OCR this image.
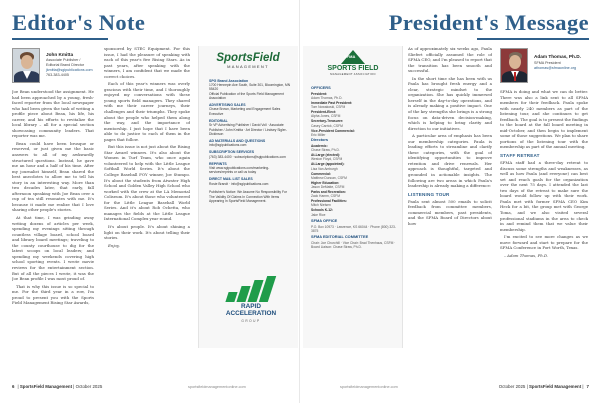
Editor's Note
John Kmitta
Associate Publisher /
Editorial Brand Director
jkmitta@sgipublications.com
763-383-4405

Joe Bean understood the assignment. He had been approached by a young, fresh-faced reporter from the local newspaper who had been given the task of writing a profile piece about Bean, his life, his career, and his efforts to revitalize the local library – all for a special section showcasing community leaders. That reporter was me.

Bean could have been brusque or reserved, or just given me the basic answers to all of my awkwardly structured questions. Instead, he gave me an hour and a half of his time. After my journalist himself, Bean shared the best anecdotes to allow me to tell his story in an interesting way. More than two decades later, that early, fall afternoon speaking with Joe Bean over a cup of tea still resonates with me. It's because it made me realize that I love sharing other people's stories.

At that time, I was grinding away writing dozens of articles per week, spending my evenings sitting through countless village board, school board and library board meetings; traveling to the county courthouse to dig for the latest scoops on local leaders; and spending my weekends covering high school sporting events. I wrote movie reviews for the entertainment section. But of all the pieces I wrote, it was the Joe Bean profile I was most proud of.

That is why this issue is so special to me. For the third year in a row, I'm proud to present you with the Sports Field Management Rising Star Awards,

sponsored by STEC Equipment. For this issue, I had the pleasure of speaking with each of this year's five Rising Stars. As in past years, after speaking with the winners, I am confident that we made the correct choices.

Each of this year's winners was overly gracious with their time, and I thoroughly enjoyed my conversations with these young sports field managers. They shared with me their career journeys, their challenges and their triumphs. They spoke about the people who helped them along the way, and the importance of mentorship. I just hope that I have been able to do justice to each of them in the pages that follow.

But this issue is not just about the Rising Star Award winners. It's also about the Women in Turf Team, who once again volunteered to help with the Little League Softball World Series. It's about the College Baseball FOY winner, Joe Stumpo. It's about the students from Atwater High School and Golden Valley High School who worked with the crew at the LA Memorial Coliseum. It's about those who volunteered for the Little League Baseball World Series. And it's about Rob Ochetta, who manages the fields at the Little League International Complex year round.

It's about people. It's about shining a light on their work. It's about telling their stories.

Enjoy.

SportsField
MANAGEMENT
SPG Brand Association
1700 Hennepin Ave South, Suite 301, Bloomington, MN 55420
Official Publication of the Sports Field Management Association
ADVERTISING SALES
Chase Brown, Marketing and Engagement Sales Executive
EDITORIAL
Sr VP Advertising Publisher / David Voll · Associate Publisher / John Kmitta · Art Director / Lindsey Sigler-Dickinson
AD MATERIALS AND QUESTIONS
info@sgipublications.com
SUBSCRIPTION SERVICES
(763) 383-4400 · subscriptions@sgipublications.com
REPRINTS
Visit www.sgipublications.com/marketing-services/reprints or call us today
DIRECT MAIL LIST SALES
Rosie Brandt · info@sgipublications.com

Publisher's Notice: We Assume No Responsibility For The Validity Of Claims In Connection With Items Appearing In SportsField Management.
RAPID ACCELERATION
GROUP
6 | SportsField Management | October 2025	sportsfieldmanagementonline.com
President's Message

As of approximately six weeks ago, Paula Sliefert officially assumed the role of SFMA CEO, and I'm pleased to report that the transition has been smooth and successful.

In the short time she has been with us Paula has brought fresh energy and a clear, strategic mindset to the organization. She has quickly immersed herself in the day-to-day operations, and is already making a positive impact. One of the key strengths she brings is a strong focus on data-driven decision-making, which is helping to bring clarity and direction to our initiatives.

A particular area of emphasis has been our membership categories. Paula is leading efforts to streamline and clarify these categories, with the goal of identifying opportunities to improve retention and drive renewals. Her approach is thoughtful, targeted and grounded in actionable insights. The following are two areas in which Paula's leadership is already making a difference:

LISTENING TOUR

Paula sent almost 500 emails to solicit feedback from committee members, commercial members, past presidents, and the SFMA Board of Directors about how

Adam Thomas, Ph.D.
SFMA President
athomas@sfmaonline.org

SFMA is doing and what we can do better. There was also a link sent to all SFMA members for their feedback. Paula spoke with nearly 240 members as part of the listening tour, and she continues to get feedback. The goal is to present the findings to the board at the fall board meeting in mid-October, and then begin to implement some of those suggestions. We plan to share portions of the listening tour with the membership as part of the annual meeting.

STAFF RETREAT

SFMA staff had a three-day retreat to discuss some strengths and weaknesses, as well as how Paula (and everyone) can best set and reach goals for the organization over the next 75 days. I attended the last two days of the retreat to make sure the board would follow up with their work. Paula met with former SFMA CEO Kim Heck for a bit, the group met with George Toma, and we also visited several professional stadiums in the area to check in and remind them that we value their membership.

I'm excited to see more changes as we move forward and start to prepare for the SFMA Conference in Fort Worth, Texas.

– Adam Thomas, Ph.D.

October 2025 | SportsField Management | 7
sportsfieldmanagementonline.com
SFMA
SPORTS FIELD
MANAGEMENT ASSOCIATION
OFFICERS
President:
Adam Thomas, Ph.D.
Immediate Past President:
Tom Nowakoski, CSFM
President-Elect:
Alpha Jones, CSFM
Secretary-Treasurer:
Casey Carrick, CSFM
Vice-President Commercial:
Eric Miller
Directors
Academic:
Chase Straw, Ph.D.
At-Large (elected):
Weston Floyd, CSFM
At-Large (appointed):
Lisa Van Amburgh
Commercial:
Matthew Duncan, CSFM
Higher Education:
Jason DeMatte, CSFM
Parks and Recreation:
Zack Hamm, CSFM
Professional Facilities:
Mitch Nielsen
Schools K-12:
Jake Rice
SFMA OFFICE
P.O. Box 10973 · Lawrence, KS 66044 · Phone (800) 323-3875
SFMA EDITORIAL COMMITTEE
Chair: Joe Churchill · Vice Chair: Brad Thenhaus, CSFM · Board Liaison: Chase Straw, Ph.D.
